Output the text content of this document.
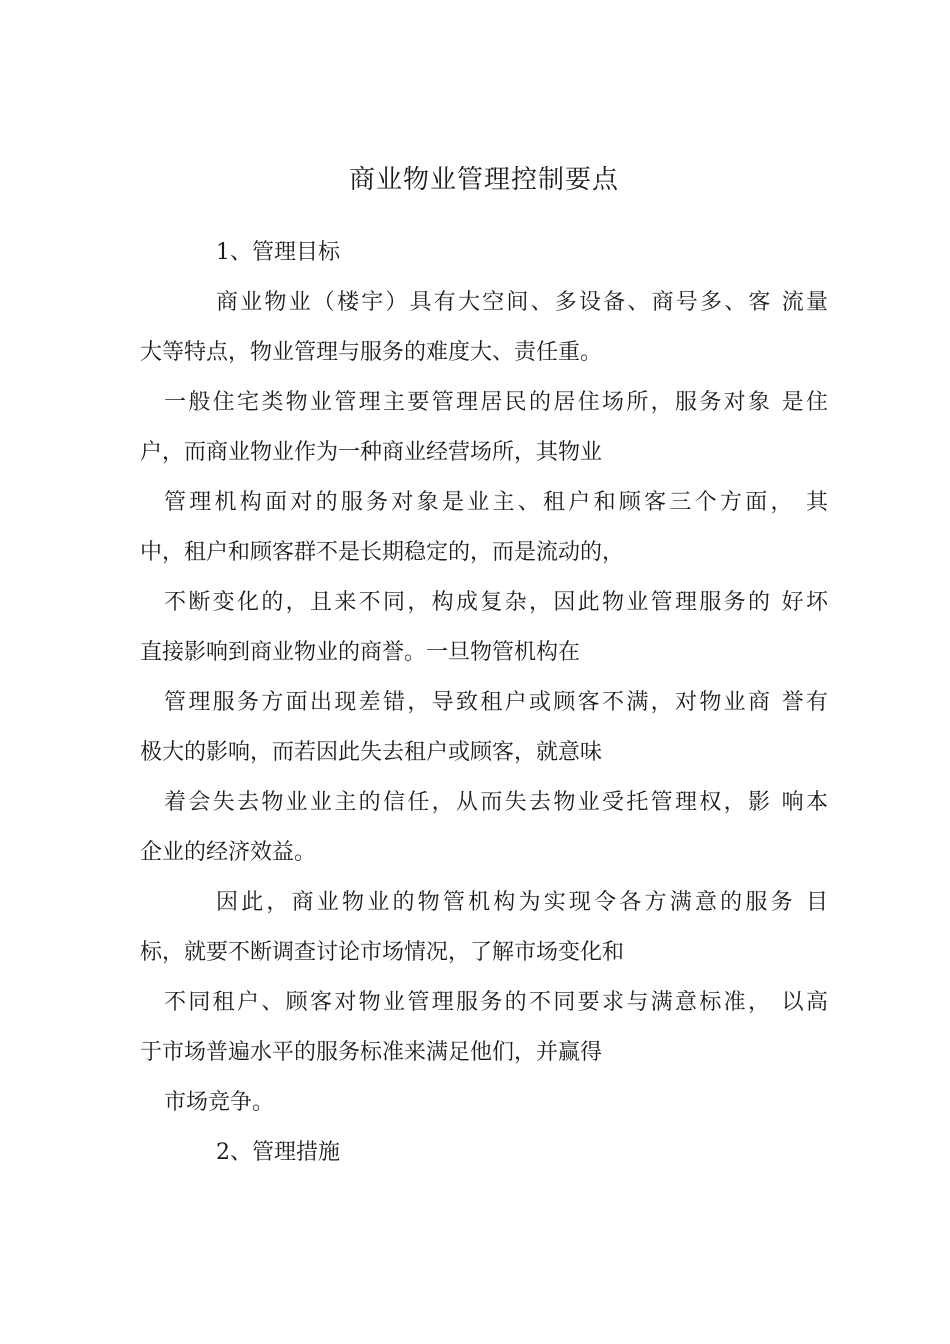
商业物业管理控制要点
1、管理目标
商业物业（楼宇）具有大空间、多设备、商号多、客 流量
大等特点，物业管理与服务的难度大、责任重。
一般住宅类物业管理主要管理居民的居住场所，服务对象 是住
户，而商业物业作为一种商业经营场所，其物业
管理机构面对的服务对象是业主、租户和顾客三个方面， 其
中，租户和顾客群不是长期稳定的，而是流动的，
不断变化的，且来不同，构成复杂，因此物业管理服务的 好坏
直接影响到商业物业的商誉。一旦物管机构在
管理服务方面出现差错，导致租户或顾客不满，对物业商 誉有
极大的影响，而若因此失去租户或顾客，就意味
着会失去物业业主的信任，从而失去物业受托管理权，影 响本
企业的经济效益。
因此，商业物业的物管机构为实现令各方满意的服务 目
标，就要不断调查讨论市场情况，了解市场变化和
不同租户、顾客对物业管理服务的不同要求与满意标准， 以高
于市场普遍水平的服务标准来满足他们，并赢得
市场竞争。
2、管理措施
